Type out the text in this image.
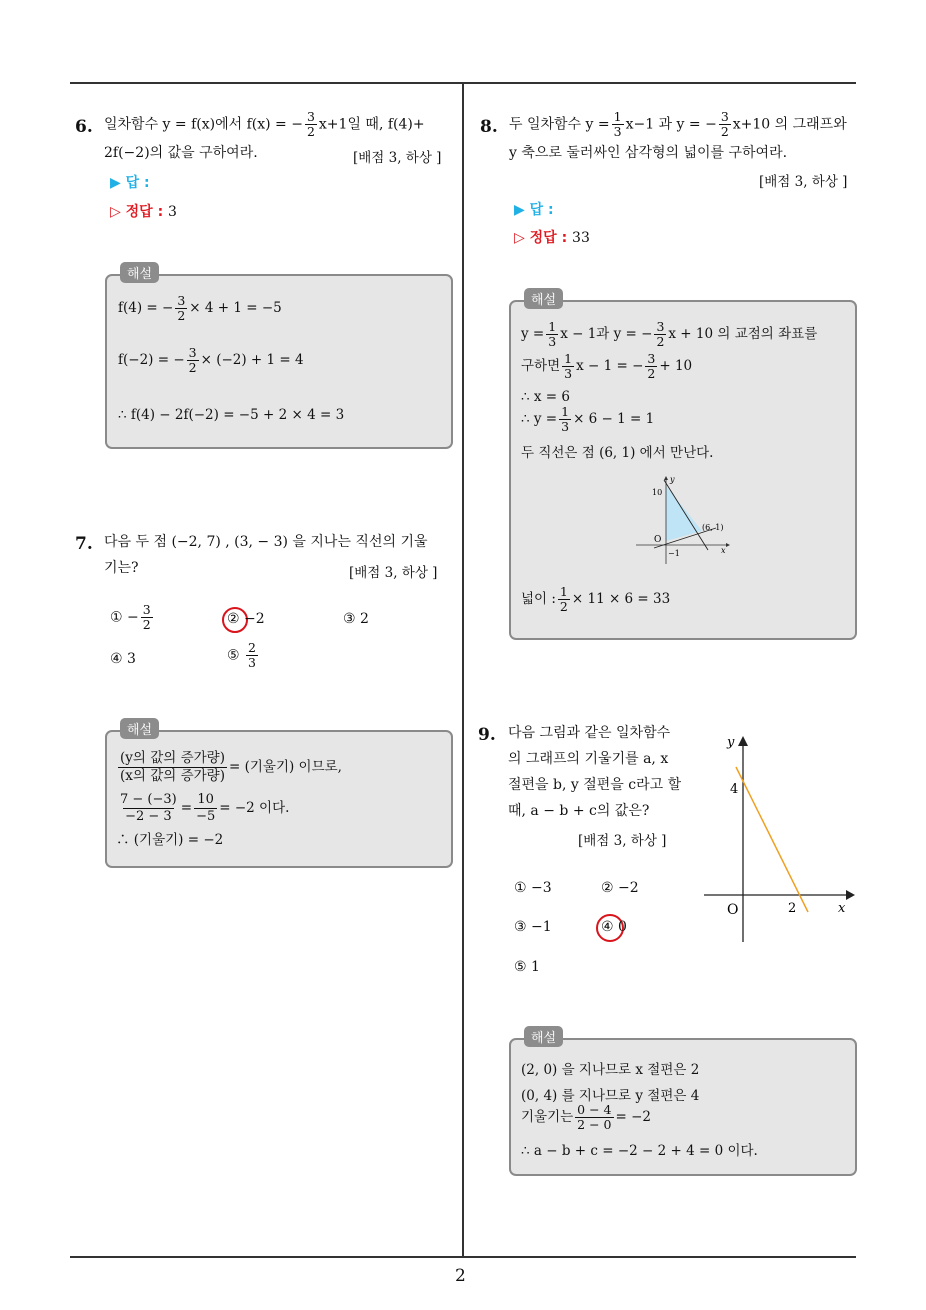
2
6. 일차함수 y = f(x)에서 f(x) = − $\frac{3}{2} x+1$일 때, f(4)+
2f(−2)의 값을 구하여라.	[배점 3, 하상 ]
▶ 답 :
▷ 정답 : 3
해설
f(4) = − $\frac{3}{2} \times 4 + 1 = -5$
f(−2) = − $\frac{3}{2} \times (-2) + 1 = 4$
∴ f(4) − 2f(−2) = −5 + 2 × 4 = 3
7. 다음 두 점 (−2, 7) , (3, − 3) 을 지나는 직선의 기울
기는?	[배점 3, 하상 ]
① − $\frac{3}{2}$	② −2	③ 2
④ 3	⑤ $\frac{2}{3}$
해설
$\frac{\text{(y의 값의 증가량)}}{\text{(x의 값의 증가량)}}$ = (기울기) 이므로,
$\frac{7 - (-3)}{-2 - 3} = \frac{10}{-5} = -2$ 이다.
∴ (기울기) = −2
8. 두 일차함수 $y = \frac{1}{3} x-1$ 과 y = − $\frac{3}{2} x+10$ 의 그래프와
y 축으로 둘러싸인 삼각형의 넓이를 구하여라.
[배점 3, 하상 ]
▶ 답 :
▷ 정답 : 33
해설
$y = \frac{1}{3}$ x − 1과 y = − $\frac{3}{2}$ x + 10 의 교점의 좌표를
구하면 $\frac{1}{3}$ x − 1 = − $\frac{3}{2} + 10$
∴ x = 6
∴ $y = \frac{1}{3} \times 6 - 1 = 1$
두 직선은 점 (6, 1) 에서 만난다.
y
x
O
10
−1
(6, 1)
넓이 : $\frac{1}{2} \times 11 \times 6 = 33$
9. 다음 그림과 같은 일차함수
의 그래프의 기울기를 a, x
절편을 b, y 절편을 c라고 할
때, a − b + c의 값은?
[배점 3, 하상 ]
① −3	② −2
③ −1	④ 0
⑤ 1
y
x
O
4
2
해설
(2, 0) 을 지나므로 x 절편은 2
(0, 4) 를 지나므로 y 절편은 4
기울기는 $\frac{0 - 4}{2 - 0} = -2$
∴ a − b + c = −2 − 2 + 4 = 0 이다.
